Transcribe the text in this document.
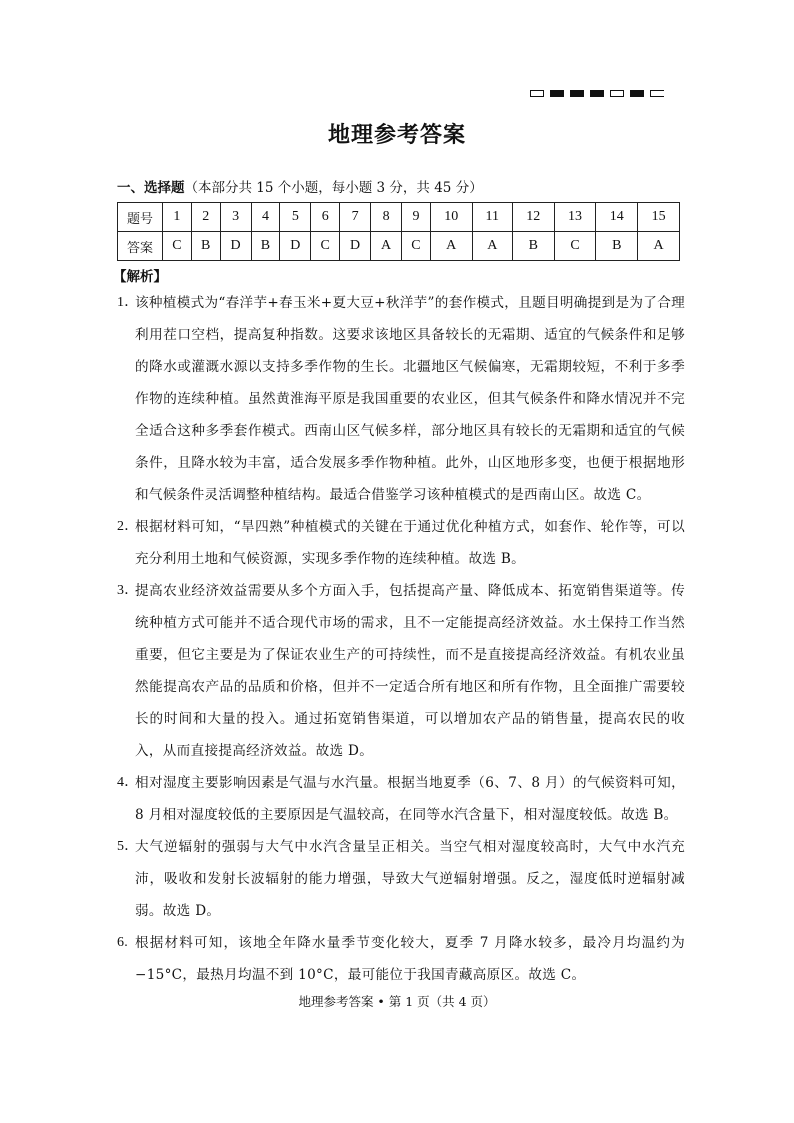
地理参考答案
一、选择题（本部分共 15 个小题，每小题 3 分，共 45 分）
题号	1	2	3	4	5	6	7	8	9	10	11	12	13	14	15
答案	C	B	D	B	D	C	D	A	C	A	A	B	C	B	A
【解析】
1．
该种植模式为“春洋芋+春玉米+夏大豆+秋洋芋”的套作模式，且题目明确提到是为了合理利用茬口空档，提高复种指数。这要求该地区具备较长的无霜期、适宜的气候条件和足够的降水或灌溉水源以支持多季作物的生长。北疆地区气候偏寒，无霜期较短，不利于多季作物的连续种植。虽然黄淮海平原是我国重要的农业区，但其气候条件和降水情况并不完全适合这种多季套作模式。西南山区气候多样，部分地区具有较长的无霜期和适宜的气候条件，且降水较为丰富，适合发展多季作物种植。此外，山区地形多变，也便于根据地形和气候条件灵活调整种植结构。最适合借鉴学习该种植模式的是西南山区。故选 C。
2．
根据材料可知，“旱四熟”种植模式的关键在于通过优化种植方式，如套作、轮作等，可以充分利用土地和气候资源，实现多季作物的连续种植。故选 B。
3．
提高农业经济效益需要从多个方面入手，包括提高产量、降低成本、拓宽销售渠道等。传统种植方式可能并不适合现代市场的需求，且不一定能提高经济效益。水土保持工作当然重要，但它主要是为了保证农业生产的可持续性，而不是直接提高经济效益。有机农业虽然能提高农产品的品质和价格，但并不一定适合所有地区和所有作物，且全面推广需要较长的时间和大量的投入。通过拓宽销售渠道，可以增加农产品的销售量，提高农民的收入，从而直接提高经济效益。故选 D。
4．
相对湿度主要影响因素是气温与水汽量。根据当地夏季（6、7、8 月）的气候资料可知，8 月相对湿度较低的主要原因是气温较高，在同等水汽含量下，相对湿度较低。故选 B。
5．
大气逆辐射的强弱与大气中水汽含量呈正相关。当空气相对湿度较高时，大气中水汽充沛，吸收和发射长波辐射的能力增强，导致大气逆辐射增强。反之，湿度低时逆辐射减弱。故选 D。
6. 根据材料可知，该地全年降水量季节变化较大，夏季 7 月降水较多，最冷月均温约为−15°C，最热月均温不到 10°C，最可能位于我国青藏高原区。故选 C。
地理参考答案 • 第 1 页（共 4 页）
